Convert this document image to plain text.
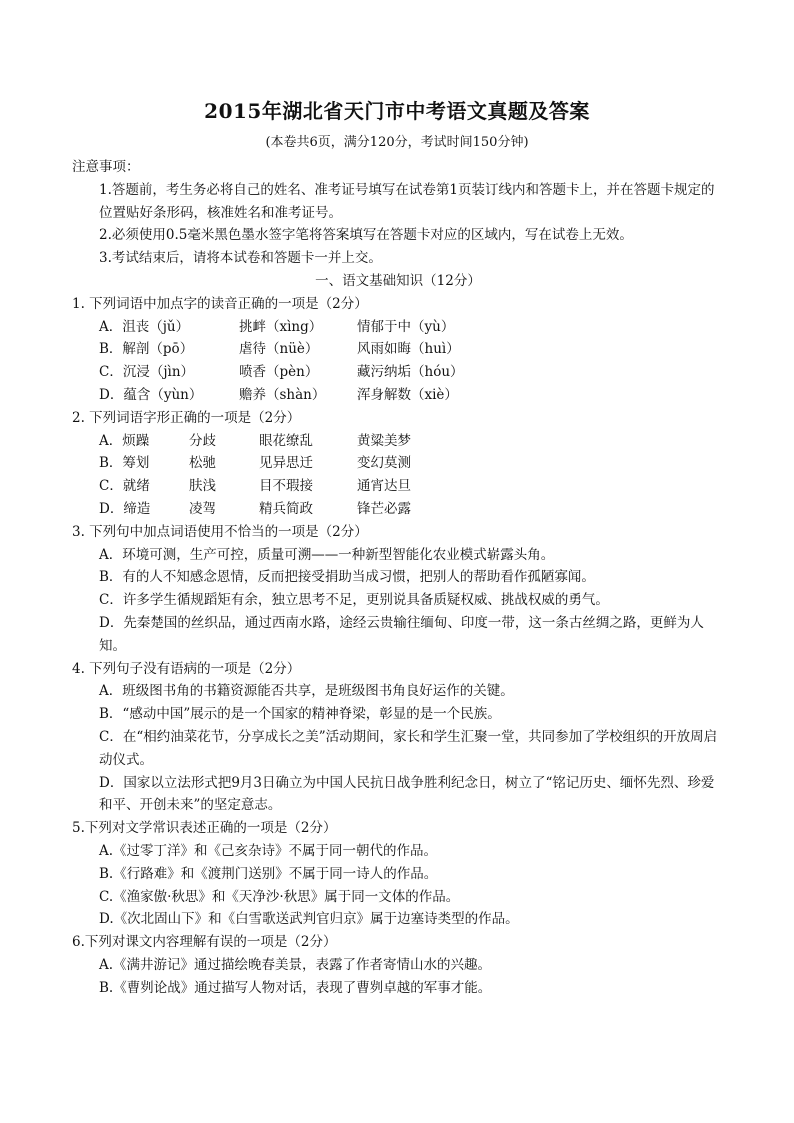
2015年湖北省天门市中考语文真题及答案
(本卷共6页，满分120分，考试时间150分钟)
注意事项：
1.答题前，考生务必将自己的姓名、准考证号填写在试卷第1页装订线内和答题卡上，并在答题卡规定的位置贴好条形码，核准姓名和准考证号。
2.必须使用0.5毫米黑色墨水签字笔将答案填写在答题卡对应的区域内，写在试卷上无效。
3.考试结束后，请将本试卷和答题卡一并上交。
一、语文基础知识（12分）
1. 下列词语中加点字的读音正确的一项是（2分）
A．沮丧（jǔ）	挑衅（xìng）	情郁于中（yù）
B．解剖（pō）	虐待（nüè）	风雨如晦（huì）
C．沉浸（jìn）	喷香（pèn）	藏污纳垢（hóu）
D．蕴含（yùn）	赡养（shàn）	浑身解数（xiè）
2. 下列词语字形正确的一项是（2分）
A．烦躁	分歧	眼花缭乱	黄粱美梦
B．筹划	松驰	见异思迁	变幻莫测
C．就绪	肤浅	目不瑕接	通宵达旦
D．缔造	凌驾	精兵简政	锋芒必露
3. 下列句中加点词语使用不恰当的一项是（2分）
A．环境可测，生产可控，质量可溯——一种新型智能化农业模式崭露头角。
B．有的人不知感念恩情，反而把接受捐助当成习惯，把别人的帮助看作孤陋寡闻。
C．许多学生循规蹈矩有余，独立思考不足，更别说具备质疑权威、挑战权威的勇气。
D．先秦楚国的丝织品，通过西南水路，途经云贵输往缅甸、印度一带，这一条古丝绸之路，更鲜为人知。
4. 下列句子没有语病的一项是（2分）
A．班级图书角的书籍资源能否共享，是班级图书角良好运作的关键。
B．“感动中国”展示的是一个国家的精神脊梁，彰显的是一个民族。
C．在“相约油菜花节，分享成长之美”活动期间，家长和学生汇聚一堂，共同参加了学校组织的开放周启动仪式。
D．国家以立法形式把9月3日确立为中国人民抗日战争胜利纪念日，树立了“铭记历史、缅怀先烈、珍爱和平、开创未来”的坚定意志。
5.下列对文学常识表述正确的一项是（2分）
A.《过零丁洋》和《己亥杂诗》不属于同一朝代的作品。
B.《行路难》和《渡荆门送别》不属于同一诗人的作品。
C.《渔家傲·秋思》和《天净沙·秋思》属于同一文体的作品。
D.《次北固山下》和《白雪歌送武判官归京》属于边塞诗类型的作品。
6.下列对课文内容理解有误的一项是（2分）
A.《满井游记》通过描绘晚春美景，表露了作者寄情山水的兴趣。
B.《曹刿论战》通过描写人物对话，表现了曹刿卓越的军事才能。
